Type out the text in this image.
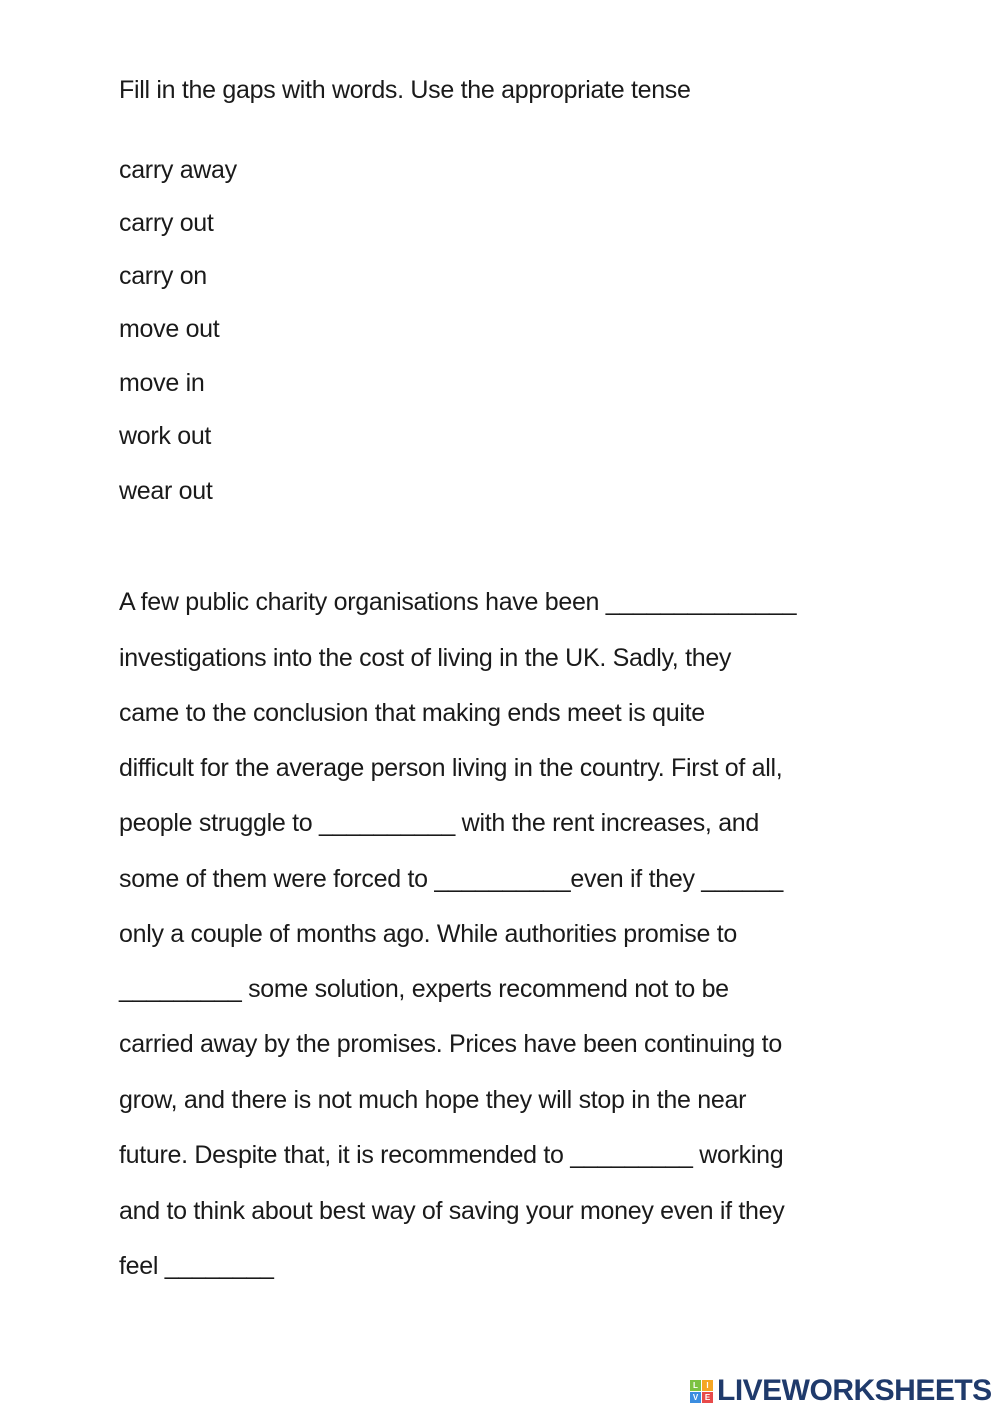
Fill in the gaps with words. Use the appropriate tense
carry away
carry out
carry on
move out
move in
work out
wear out
A few public charity organisations have been ______________
investigations into the cost of living in the UK. Sadly, they
came to the conclusion that making ends meet is quite
difficult for the average person living in the country. First of all,
people struggle to __________ with the rent increases, and
some of them were forced to __________even if they ______
only a couple of months ago. While authorities promise to
_________ some solution, experts recommend not to be
carried away by the promises. Prices have been continuing to
grow, and there is not much hope they will stop in the near
future. Despite that, it is recommended to _________ working
and to think about best way of saving your money even if they
feel ________
L	I
V E LIVEWORKSHEETS
